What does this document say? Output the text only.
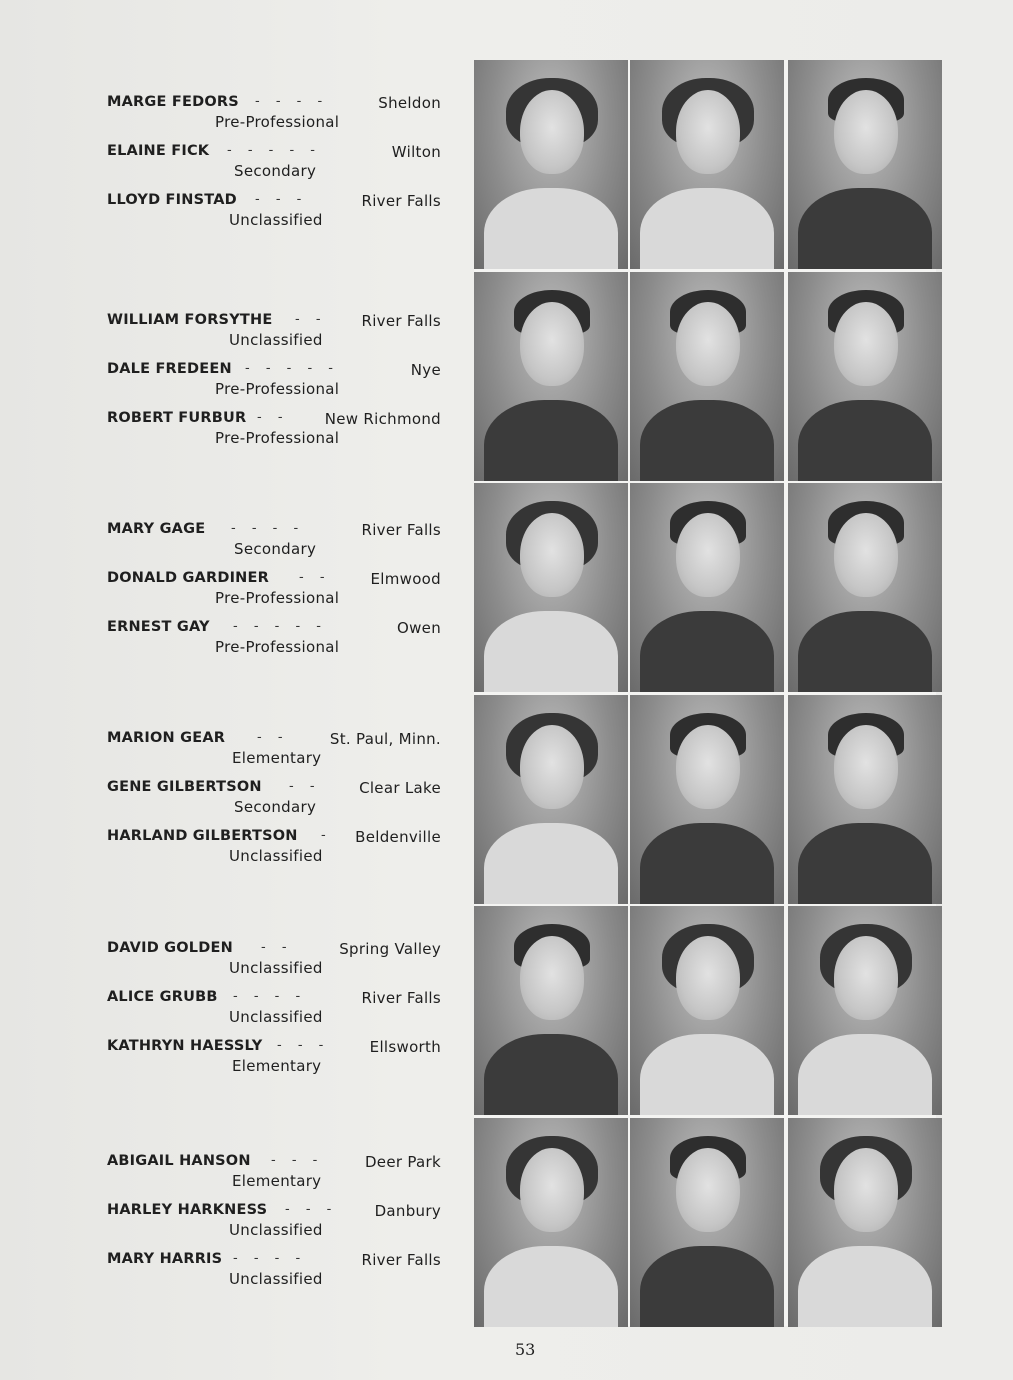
MARGE FEDORS - - - -	Sheldon
Pre-Professional
ELAINE FICK - - - - -	Wilton
Secondary
LLOYD FINSTAD - - -	River Falls
Unclassified
WILLIAM FORSYTHE - -	River Falls
Unclassified
DALE FREDEEN - - - - -	Nye
Pre-Professional
ROBERT FURBUR - -	New Richmond
Pre-Professional
MARY GAGE - - - -	River Falls
Secondary
DONALD GARDINER - -	Elmwood
Pre-Professional
ERNEST GAY - - - - -	Owen
Pre-Professional
MARION GEAR - -	St. Paul, Minn.
Elementary
GENE GILBERTSON - -	Clear Lake
Secondary
HARLAND GILBERTSON - Beldenville
Unclassified
DAVID GOLDEN - -	Spring Valley
Unclassified
ALICE GRUBB - - - -	River Falls
Unclassified
KATHRYN HAESSLY - - -	Ellsworth
Elementary
ABIGAIL HANSON - - -	Deer Park
Elementary
HARLEY HARKNESS - - -	Danbury
Unclassified
MARY HARRIS - - - -	River Falls
Unclassified
53
